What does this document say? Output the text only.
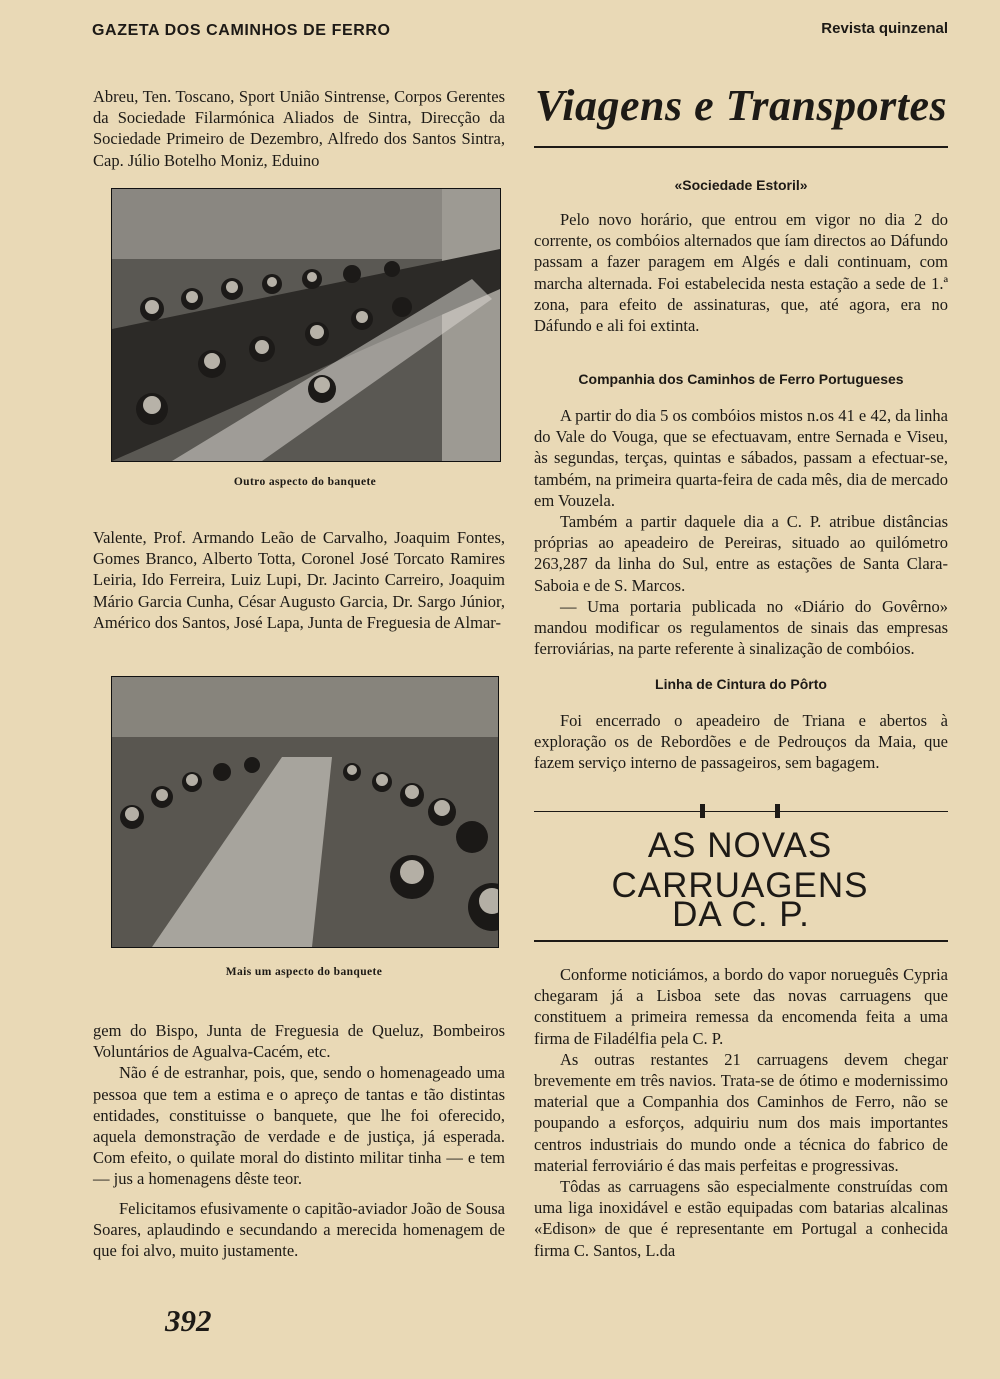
GAZETA DOS CAMINHOS DE FERRO	Revista quinzenal

Abreu, Ten. Toscano, Sport União Sintrense, Corpos Gerentes da Sociedade Filarmónica Aliados de Sintra, Direcção da Sociedade Primeiro de Dezembro, Alfredo dos Santos Sintra, Cap. Júlio Botelho Moniz, Eduino

Outro aspecto do banquete

Valente, Prof. Armando Leão de Carvalho, Joaquim Fontes, Gomes Branco, Alberto Totta, Coronel José Torcato Ramires Leiria, Ido Ferreira, Luiz Lupi, Dr. Jacinto Carreiro, Joaquim Mário Garcia Cunha, César Augusto Garcia, Dr. Sargo Júnior, Américo dos Santos, José Lapa, Junta de Freguesia de Almar-

Mais um aspecto do banquete

gem do Bispo, Junta de Freguesia de Queluz, Bombeiros Voluntários de Agualva-Cacém, etc.

Não é de estranhar, pois, que, sendo o homenageado uma pessoa que tem a estima e o apreço de tantas e tão distintas entidades, constituisse o banquete, que lhe foi oferecido, aquela demonstração de verdade e de justiça, já esperada. Com efeito, o quilate moral do distinto militar tinha — e tem — jus a homenagens dêste teor.

Felicitamos efusivamente o capitão-aviador João de Sousa Soares, aplaudindo e secundando a merecida homenagem de que foi alvo, muito justamente.

392
Viagens e Transportes
«Sociedade Estoril»

Pelo novo horário, que entrou em vigor no dia 2 do corrente, os combóios alternados que íam directos ao Dáfundo passam a fazer paragem em Algés e dali continuam, com marcha alternada. Foi estabelecida nesta estação a sede de 1.ª zona, para efeito de assinaturas, que, até agora, era no Dáfundo e ali foi extinta.

Companhia dos Caminhos de Ferro Portugueses

A partir do dia 5 os combóios mistos n.os 41 e 42, da linha do Vale do Vouga, que se efectuavam, entre Sernada e Viseu, às segundas, terças, quintas e sábados, passam a efectuar-se, também, na primeira quarta-feira de cada mês, dia de mercado em Vouzela.

Também a partir daquele dia a C. P. atribue distâncias próprias ao apeadeiro de Pereiras, situado ao quilómetro 263,287 da linha do Sul, entre as estações de Santa Clara-Saboia e de S. Marcos.

— Uma portaria publicada no «Diário do Govêrno» mandou modificar os regulamentos de sinais das empresas ferroviárias, na parte referente à sinalização de combóios.

Linha de Cintura do Pôrto

Foi encerrado o apeadeiro de Triana e abertos à exploração os de Rebordões e de Pedrouços da Maia, que fazem serviço interno de passageiros, sem bagagem.

AS NOVAS CARRUAGENS
DA C. P.

Conforme noticiámos, a bordo do vapor norueguês Cypria chegaram já a Lisboa sete das novas carruagens que constituem a primeira remessa da encomenda feita a uma firma de Filadélfia pela C. P.

As outras restantes 21 carruagens devem chegar brevemente em três navios. Trata-se de ótimo e modernissimo material que a Companhia dos Caminhos de Ferro, não se poupando a esforços, adquiriu num dos mais importantes centros industriais do mundo onde a técnica do fabrico de material ferroviário é das mais perfeitas e progressivas.

Tôdas as carruagens são especialmente construídas com uma liga inoxidável e estão equipadas com batarias alcalinas «Edison» de que é representante em Portugal a conhecida firma C. Santos, L.da
